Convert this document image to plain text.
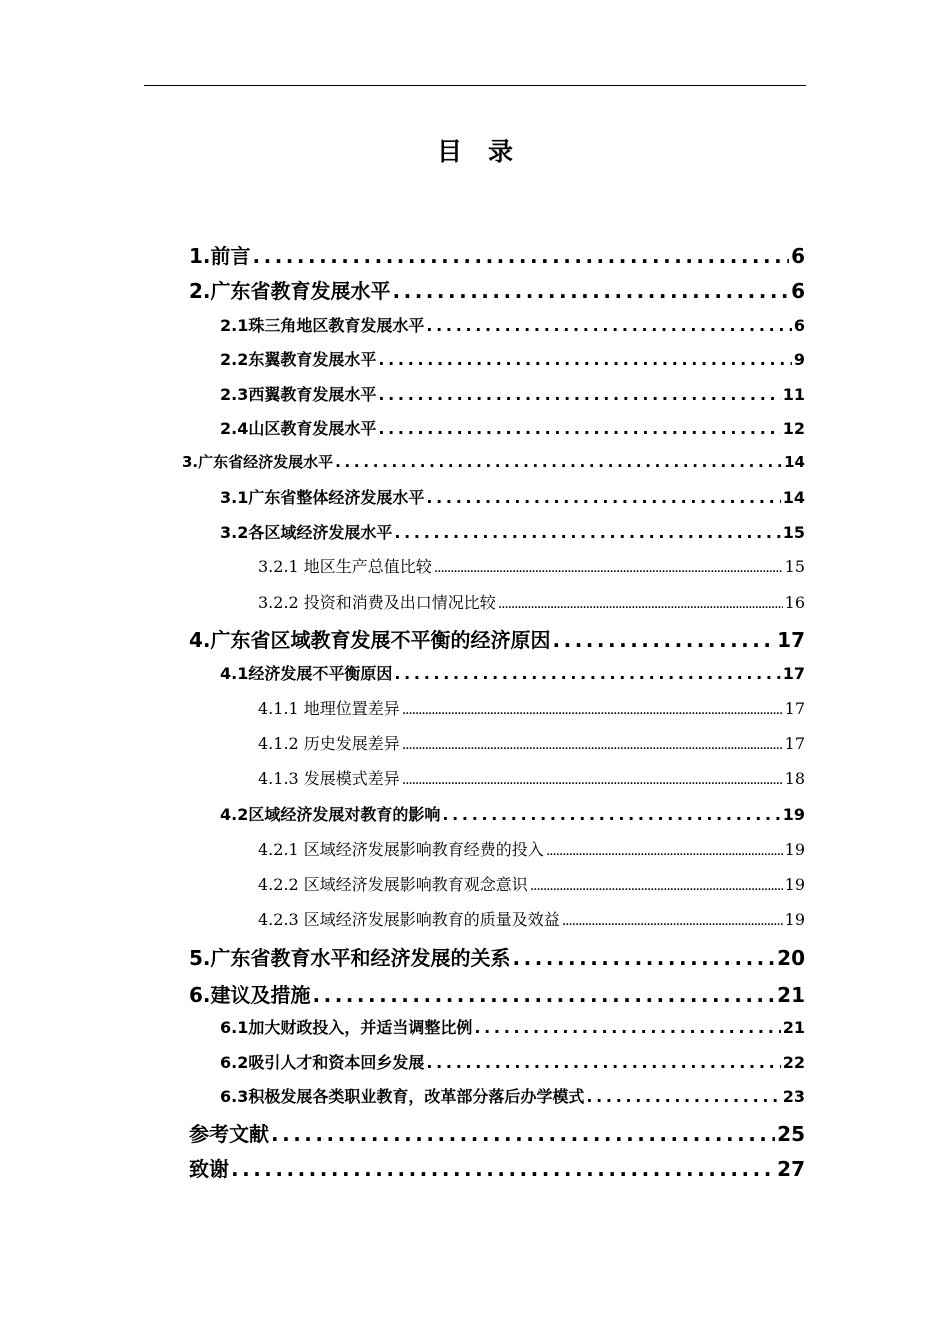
目录
1.前言 .....	6
2.广东省教育发展水平 .....	6
2.1珠三角地区教育发展水平 .....	6
2.2东翼教育发展水平 .....	9
2.3西翼教育发展水平 .....	11
2.4山区教育发展水平 .....	12
3.广东省经济发展水平 .....	14
3.1广东省整体经济发展水平 .....	14
3.2各区域经济发展水平 .....	15
3.2.1 地区生产总值比较 .....	15
3.2.2 投资和消费及出口情况比较 .....	16
4.广东省区域教育发展不平衡的经济原因 .....	17
4.1经济发展不平衡原因 .....	17
4.1.1 地理位置差异 .....	17
4.1.2 历史发展差异 .....	17
4.1.3 发展模式差异 .....	18
4.2区域经济发展对教育的影响 .....	19
4.2.1 区域经济发展影响教育经费的投入 .....	19
4.2.2 区域经济发展影响教育观念意识 .....	19
4.2.3 区域经济发展影响教育的质量及效益 .....	19
5.广东省教育水平和经济发展的关系 .....	20
6.建议及措施 .....	21
6.1加大财政投入，并适当调整比例 .....	21
6.2吸引人才和资本回乡发展 .....	22
6.3积极发展各类职业教育，改革部分落后办学模式 .....	23
参考文献 .....	25
致谢 .....	27
